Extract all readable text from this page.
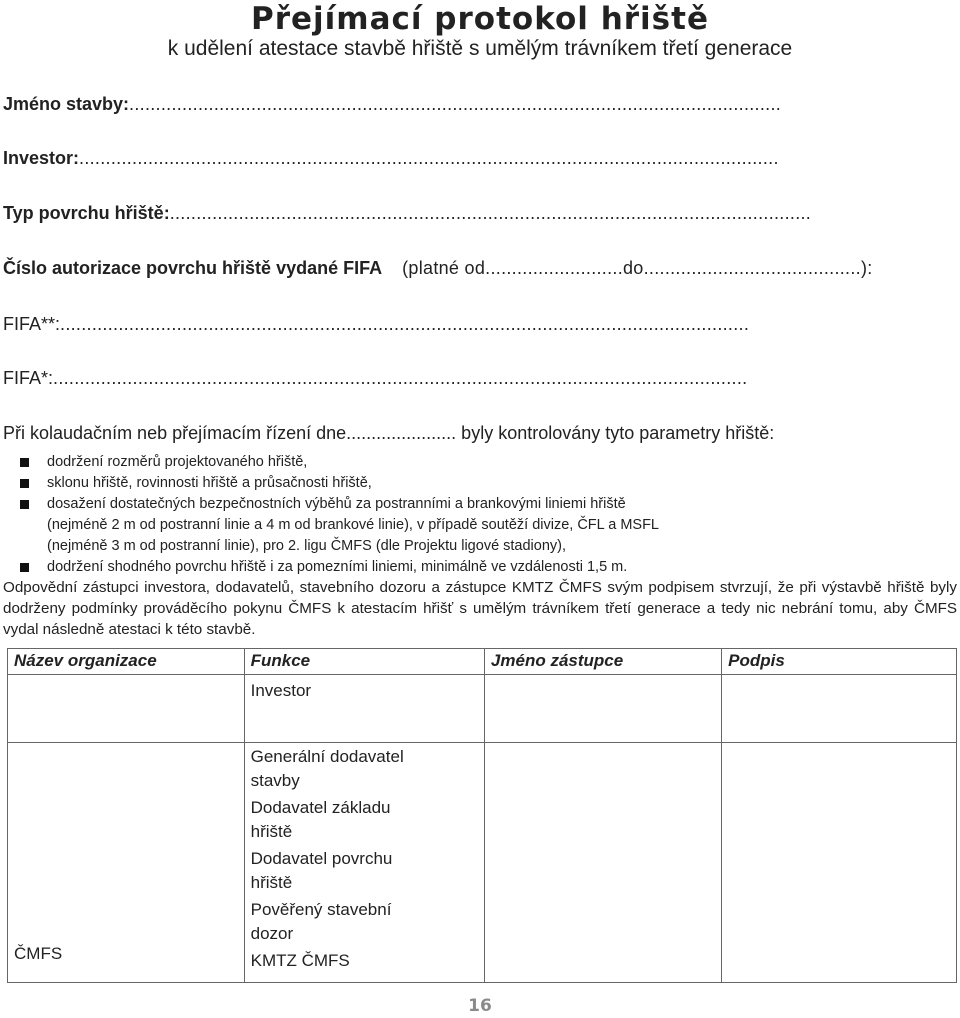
Přejímací protokol hřiště
k udělení atestace stavbě hřiště s umělým trávníkem třetí generace
Jméno stavby:...........................................................................................................................
Investor:....................................................................................................................................
Typ povrchu hřiště:.........................................................................................................................
Číslo autorizace povrchu hřiště vydané FIFA (platné od..........................do.........................................):
FIFA**:..................................................................................................................................
FIFA*:...................................................................................................................................
Při kolaudačním neb přejímacím řízení dne...................... byly kontrolovány tyto parametry hřiště:
dodržení rozměrů projektovaného hřiště,
sklonu hřiště, rovinnosti hřiště a průsačnosti hřiště,
dosažení dostatečných bezpečnostních výběhů za postranními a brankovými liniemi hřiště
(nejméně 2 m od postranní linie a 4 m od brankové linie), v případě soutěží divize, ČFL a MSFL
(nejméně 3 m od postranní linie), pro 2. ligu ČMFS (dle Projektu ligové stadiony),
dodržení shodného povrchu hřiště i za pomezními liniemi, minimálně ve vzdálenosti 1,5 m.
Odpovědní zástupci investora, dodavatelů, stavebního dozoru a zástupce KMTZ ČMFS svým podpisem stvrzují, že při výstavbě hřiště byly dodrženy podmínky prováděcího pokynu ČMFS k atestacím hřišť s umělým trávníkem třetí generace a tedy nic nebrání tomu, aby ČMFS vydal následně atestaci k této stavbě.
Název organizace	Funkce	Jméno zástupce	Podpis
	Investor		
ČMFS	Generální dodavatel stavby
Dodavatel základu hřiště
Dodavatel povrchu hřiště
Pověřený stavební dozor
KMTZ ČMFS		

16
